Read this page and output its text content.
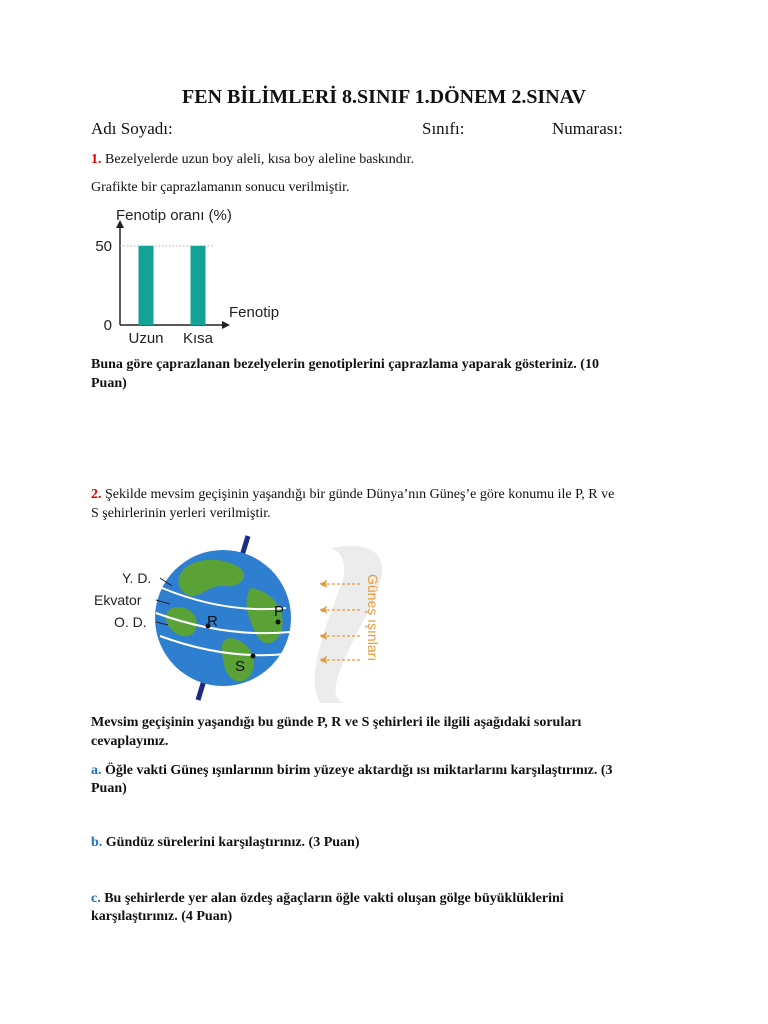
FEN BİLİMLERİ 8.SINIF 1.DÖNEM 2.SINAV
Adı Soyadı:	Sınıfı:	Numarası:
1. Bezelyelerde uzun boy aleli, kısa boy aleline baskındır.
Grafikte bir çaprazlamanın sonucu verilmiştir.
Fenotip oranı (%)
Fenotip
50
0
Uzun Kısa
Buna göre çaprazlanan bezelyelerin genotiplerini çaprazlama yaparak gösteriniz. (10
Puan)
2. Şekilde mevsim geçişinin yaşandığı bir günde Dünya’nın Güneş’e göre konumu ile P, R ve
S şehirlerinin yerleri verilmiştir.
Y. D.
Ekvator
O. D.
P
R
S
Güneş ışınları
Mevsim geçişinin yaşandığı bu günde P, R ve S şehirleri ile ilgili aşağıdaki soruları
cevaplayınız.
a. Öğle vakti Güneş ışınlarının birim yüzeye aktardığı ısı miktarlarını karşılaştırınız. (3
Puan)
b. Gündüz sürelerini karşılaştırınız. (3 Puan)
c. Bu şehirlerde yer alan özdeş ağaçların öğle vakti oluşan gölge büyüklüklerini
karşılaştırınız. (4 Puan)
